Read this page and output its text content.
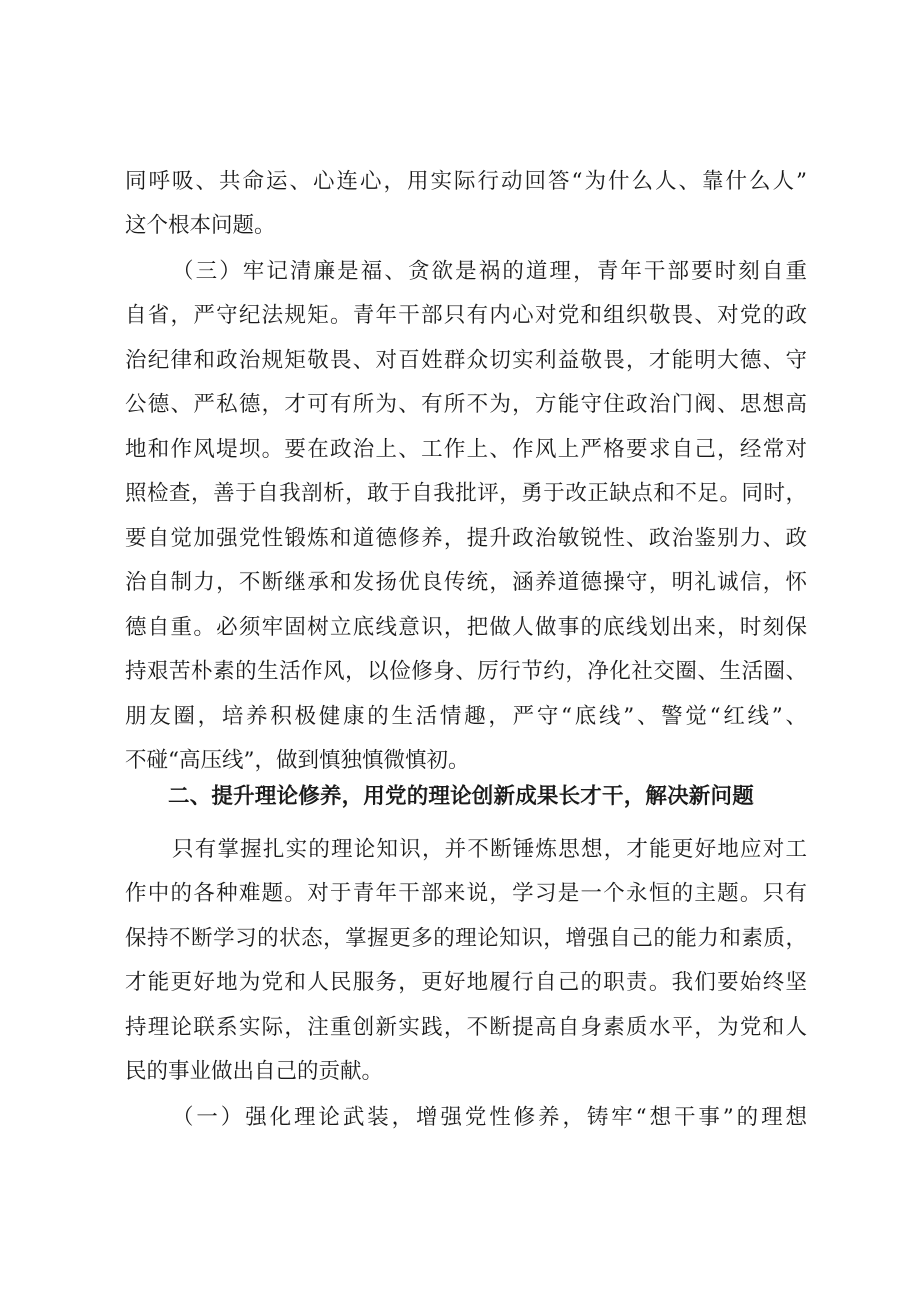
同呼吸、共命运、心连心，用实际行动回答“为什么人、靠什么人”
这个根本问题。
（三）牢记清廉是福、贪欲是祸的道理，青年干部要时刻自重
自省，严守纪法规矩。青年干部只有内心对党和组织敬畏、对党的政
治纪律和政治规矩敬畏、对百姓群众切实利益敬畏，才能明大德、守
公德、严私德，才可有所为、有所不为，方能守住政治门阀、思想高
地和作风堤坝。要在政治上、工作上、作风上严格要求自己，经常对
照检查，善于自我剖析，敢于自我批评，勇于改正缺点和不足。同时，
要自觉加强党性锻炼和道德修养，提升政治敏锐性、政治鉴别力、政
治自制力，不断继承和发扬优良传统，涵养道德操守，明礼诚信，怀
德自重。必须牢固树立底线意识，把做人做事的底线划出来，时刻保
持艰苦朴素的生活作风，以俭修身、厉行节约，净化社交圈、生活圈、
朋友圈，培养积极健康的生活情趣，严守“底线”、警觉“红线”、
不碰“高压线”，做到慎独慎微慎初。
二、提升理论修养，用党的理论创新成果长才干，解决新问题
只有掌握扎实的理论知识，并不断锤炼思想，才能更好地应对工
作中的各种难题。对于青年干部来说，学习是一个永恒的主题。只有
保持不断学习的状态，掌握更多的理论知识，增强自己的能力和素质，
才能更好地为党和人民服务，更好地履行自己的职责。我们要始终坚
持理论联系实际，注重创新实践，不断提高自身素质水平，为党和人
民的事业做出自己的贡献。
（一）强化理论武装，增强党性修养，铸牢“想干事”的理想
